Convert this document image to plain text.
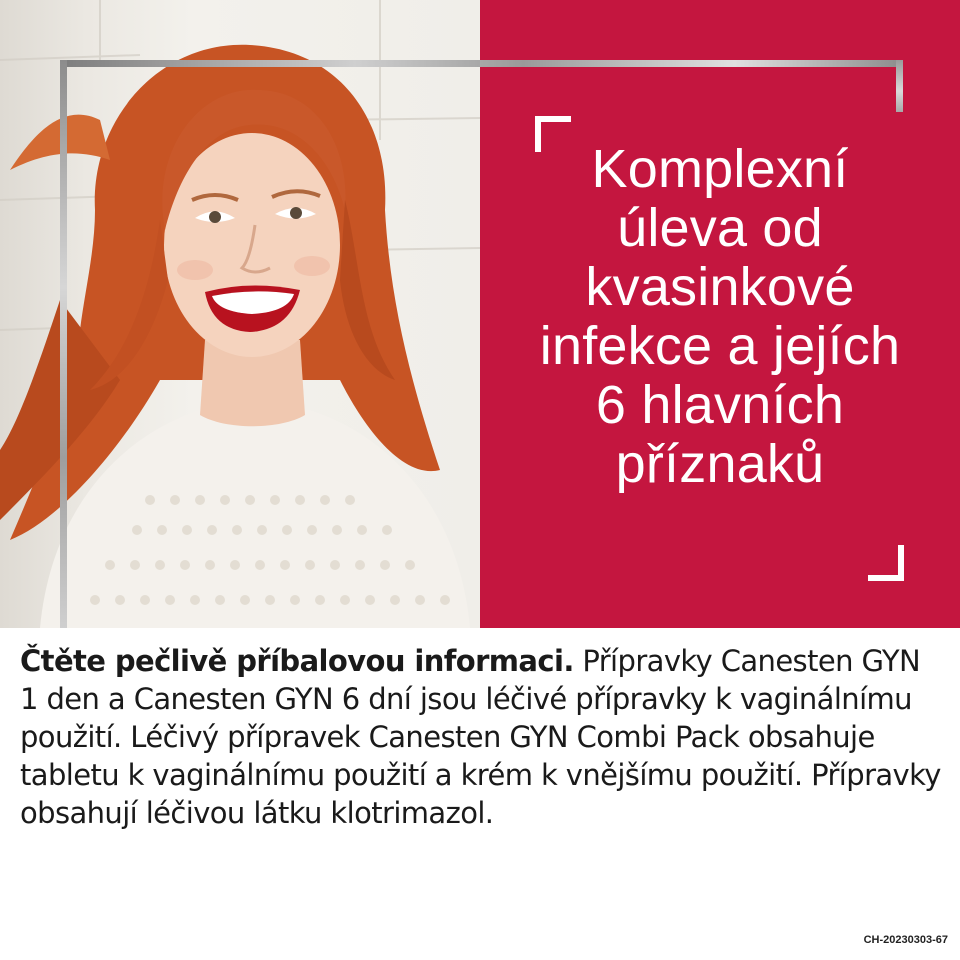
Komplexní
úleva od
kvasinkové
infekce a jejích
6 hlavních
příznaků
Čtěte pečlivě příbalovou informaci. Přípravky Canesten GYN 1 den a Canesten GYN 6 dní jsou léčivé přípravky k vaginálnímu použití. Léčivý přípravek Canesten GYN Combi Pack obsahuje tabletu k vaginálnímu použití a krém k vnějšímu použití. Přípravky obsahují léčivou látku klotrimazol.
CH-20230303-67
